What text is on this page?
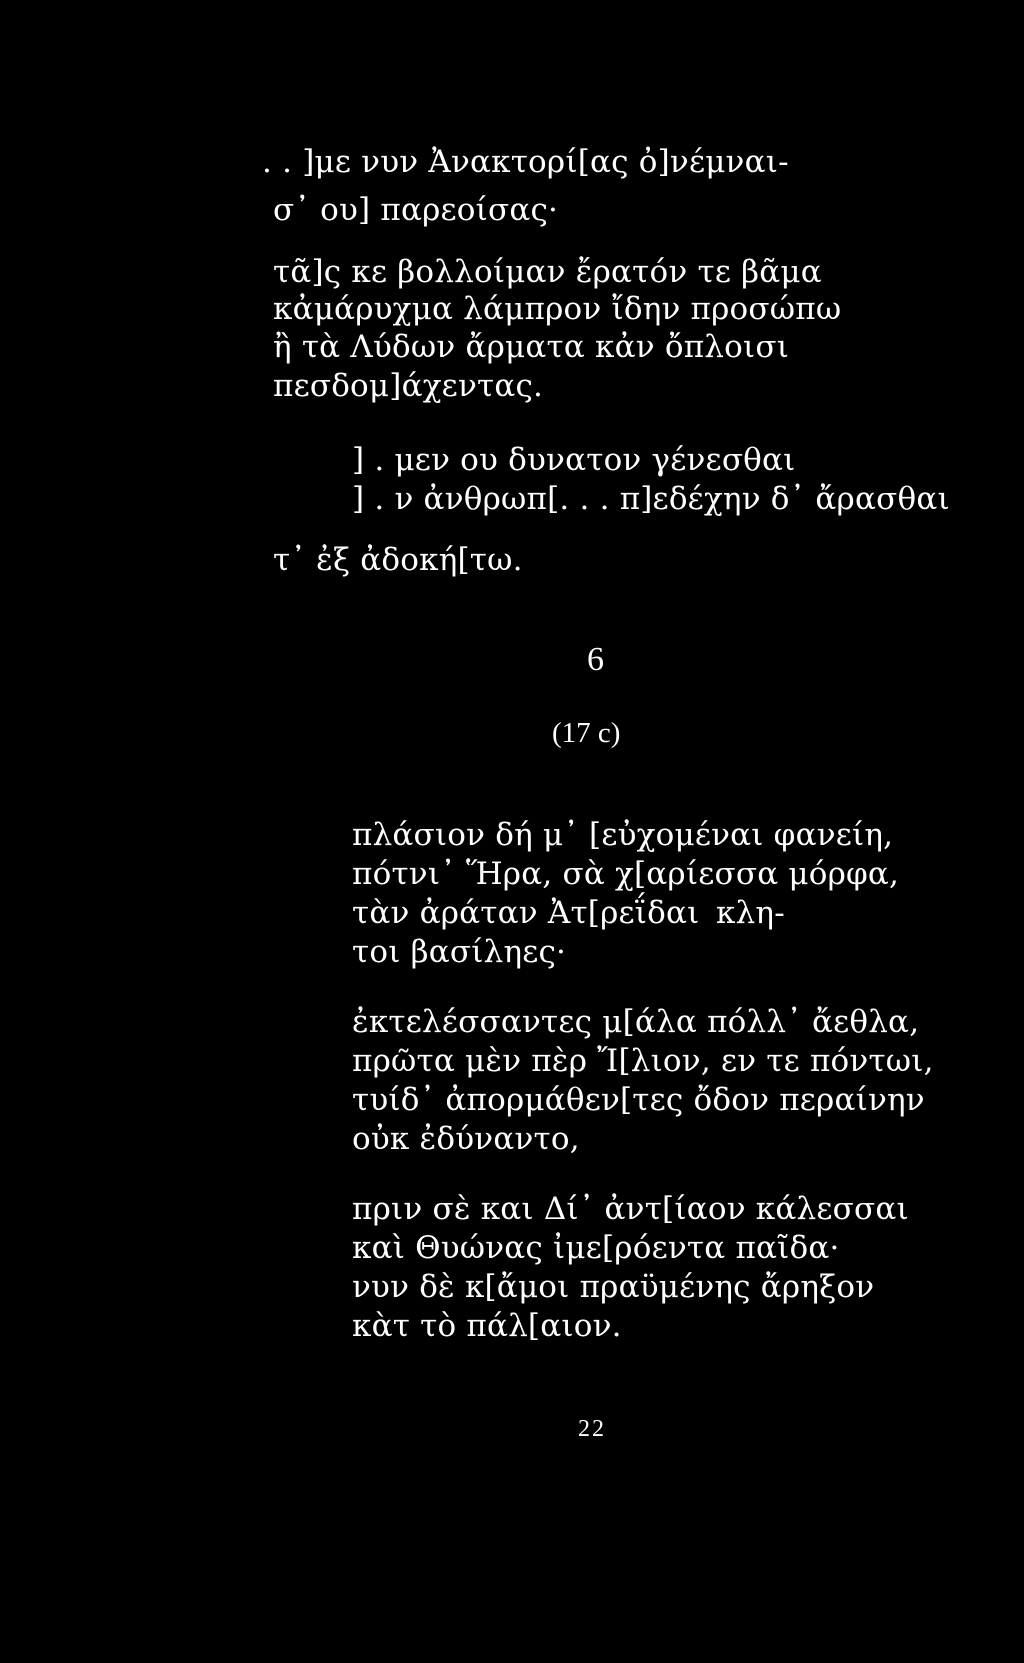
. . ]με νυν Ἀνακτορί[ας ὀ]νέμναι-
σ᾽ ου] παρεοίσας·
τᾶ]ς κε βολλοίμαν ἔρατόν τε βᾶμα
κἀμάρυχμα λάμπρον ἴδην προσώπω
ἢ τὰ Λύδων ἄρματα κἀν ὄπλοισι
πεσδομ]άχεντας.
] . μεν ου δυνατον γένεσθαι
] . ν ἀνθρωπ[. . . π]εδέχην δ᾽ ἄρασθαι
τ᾽ ἐξ ἀδοκή[τω.
6
(17 c)
πλάσιον δή μ᾽ [εὐχομέναι φανείη,
πότνι᾽ Ἥρα, σὰ χ[αρίεσσα μόρφα,
τὰν ἀράταν Ἀτ[ρεΐδαι κλη-
τοι βασίληες·
ἐκτελέσσαντες μ[άλα πόλλ᾽ ἄεθλα,
πρῶτα μὲν πὲρ Ἴ[λιον, εν τε πόντωι,
τυίδ᾽ ἀπορμάθεν[τες ὄδον περαίνην
οὐκ ἐδύναντο,
πριν σὲ και Δί᾽ ἀντ[ίαον κάλεσσαι
καὶ Θυώνας ἰμε[ρόεντα παῖδα·
νυν δὲ κ[ἄμοι πραϋμένης ἄρηξον
κὰτ τὸ πάλ[αιον.
22
